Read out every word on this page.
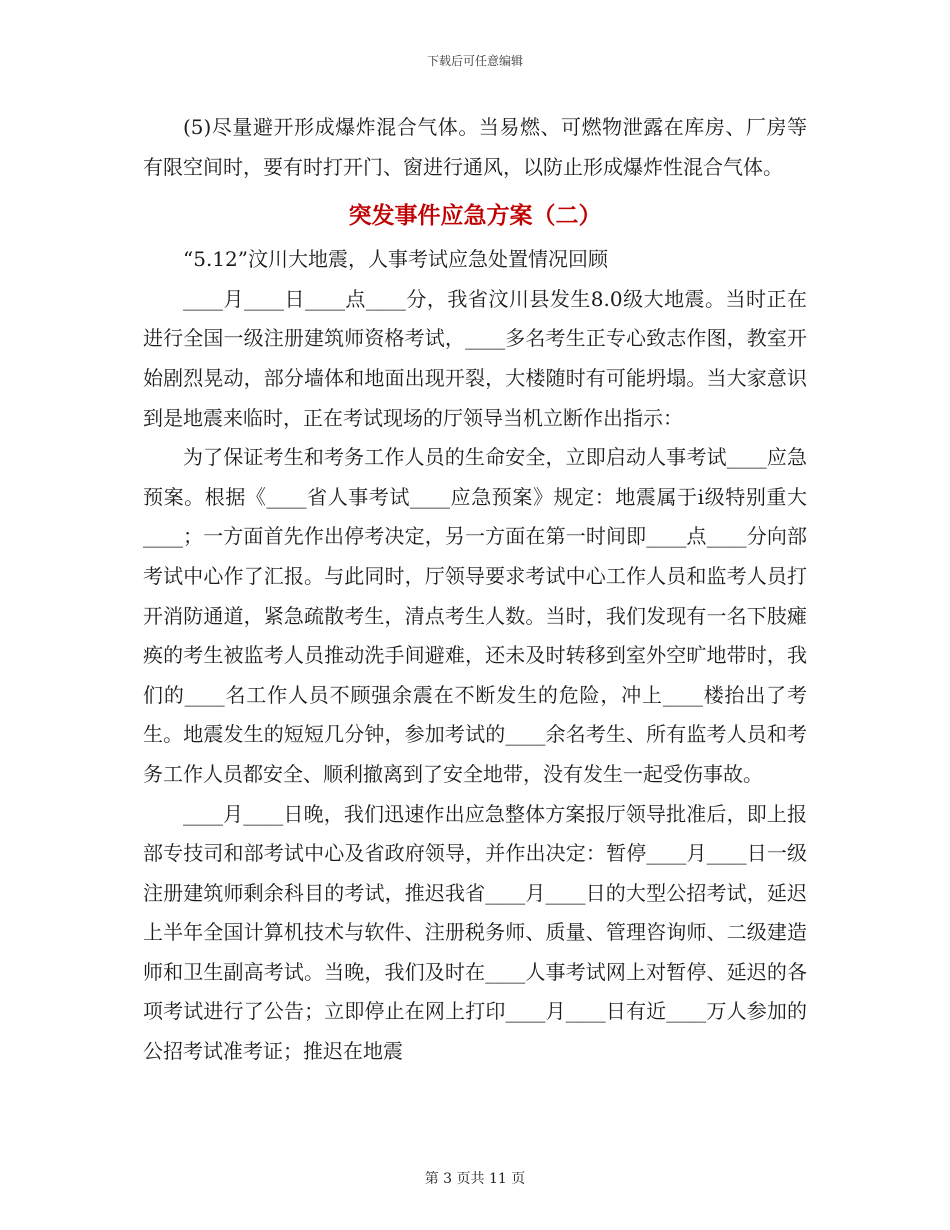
下载后可任意编辑

(5)尽量避开形成爆炸混合气体。当易燃、可燃物泄露在库房、厂房等有限空间时，要有时打开门、窗进行通风，以防止形成爆炸性混合气体。

突发事件应急方案（二）

“5.12”汶川大地震，人事考试应急处置情况回顾

____月____日____点____分，我省汶川县发生8.0级大地震。当时正在进行全国一级注册建筑师资格考试，____多名考生正专心致志作图，教室开始剧烈晃动，部分墙体和地面出现开裂，大楼随时有可能坍塌。当大家意识到是地震来临时，正在考试现场的厅领导当机立断作出指示：

为了保证考生和考务工作人员的生命安全，立即启动人事考试____应急预案。根据《____省人事考试____应急预案》规定：地震属于i级特别重大____；一方面首先作出停考决定，另一方面在第一时间即____点____分向部考试中心作了汇报。与此同时，厅领导要求考试中心工作人员和监考人员打开消防通道，紧急疏散考生，清点考生人数。当时，我们发现有一名下肢瘫痪的考生被监考人员推动洗手间避难，还未及时转移到室外空旷地带时，我们的____名工作人员不顾强余震在不断发生的危险，冲上____楼抬出了考生。地震发生的短短几分钟，参加考试的____余名考生、所有监考人员和考务工作人员都安全、顺利撤离到了安全地带，没有发生一起受伤事故。

____月____日晚，我们迅速作出应急整体方案报厅领导批准后，即上报部专技司和部考试中心及省政府领导，并作出决定：暂停____月____日一级注册建筑师剩余科目的考试，推迟我省____月____日的大型公招考试，延迟上半年全国计算机技术与软件、注册税务师、质量、管理咨询师、二级建造师和卫生副高考试。当晚，我们及时在____人事考试网上对暂停、延迟的各项考试进行了公告；立即停止在网上打印____月____日有近____万人参加的公招考试准考证；推迟在地震

第 3 页共 11 页
